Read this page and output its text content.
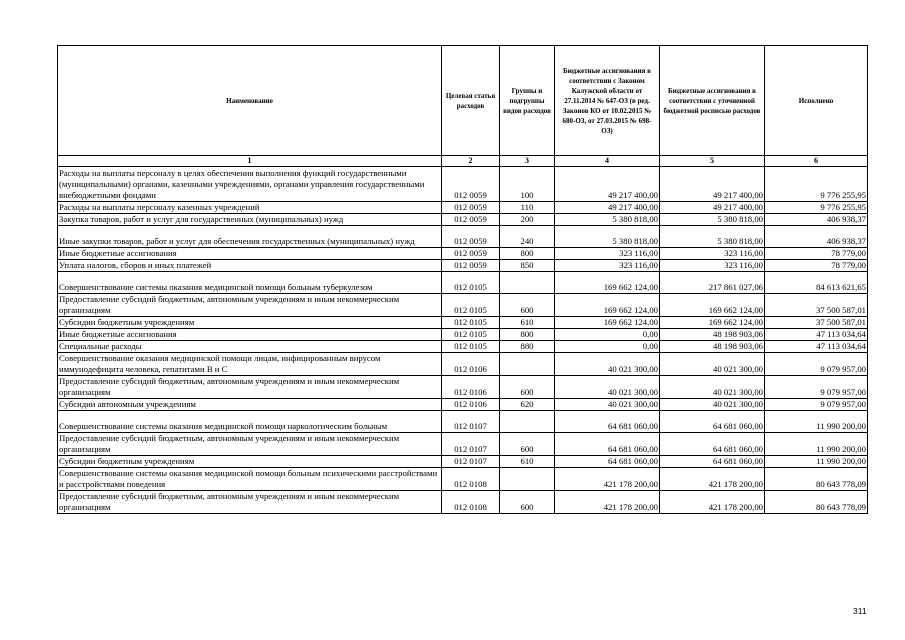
Наименование	Целевая статья расходов	Группы и подгруппы видов расходов	Бюджетные ассигнования в соответствии с Законом Калужской области от 27.11.2014 № 647-ОЗ (в ред. Законов КО от 10.02.2015 № 680-ОЗ, от 27.03.2015 № 698-ОЗ)	Бюджетные ассигнования в соответствии с уточненной бюджетной росписью расходов	Исполнено
1	2	3	4	5	6
Расходы на выплаты персоналу в целях обеспечения выполнения функций государственными (муниципальными) органами, казенными учреждениями, органами управления государственными внебюджетными фондами	012 0059	100	49 217 400,00	49 217 400,00	9 776 255,95
Расходы на выплаты персоналу казенных учреждений	012 0059	110	49 217 400,00	49 217 400,00	9 776 255,95
Закупка товаров, работ и услуг для государственных (муниципальных) нужд	012 0059	200	5 380 818,00	5 380 818,00	406 938,37
Иные закупки товаров, работ и услуг для обеспечения государственных (муниципальных) нужд	012 0059	240	5 380 818,00	5 380 818,00	406 938,37
Иные бюджетные ассигнования	012 0059	800	323 116,00	323 116,00	78 779,00
Уплата налогов, сборов и иных платежей	012 0059	850	323 116,00	323 116,00	78 779,00
Совершенствование системы оказания медицинской помощи больным туберкулезом	012 0105		169 662 124,00	217 861 027,06	84 613 621,65
Предоставление субсидий бюджетным, автономным учреждениям и иным некоммерческим организациям	012 0105	600	169 662 124,00	169 662 124,00	37 500 587,01
Субсидии бюджетным учреждениям	012 0105	610	169 662 124,00	169 662 124,00	37 500 587,01
Иные бюджетные ассигнования	012 0105	800	0,00	48 198 903,06	47 113 034,64
Специальные расходы	012 0105	880	0,00	48 198 903,06	47 113 034,64
Совершенствование оказания медицинской помощи лицам, инфицированным вирусом иммунодефицита человека, гепатитами В и С	012 0106		40 021 300,00	40 021 300,00	9 079 957,00
Предоставление субсидий бюджетным, автономным учреждениям и иным некоммерческим организациям	012 0106	600	40 021 300,00	40 021 300,00	9 079 957,00
Субсидии автономным учреждениям	012 0106	620	40 021 300,00	40 021 300,00	9 079 957,00
Совершенствование системы оказания медицинской помощи наркологическим больным	012 0107		64 681 060,00	64 681 060,00	11 990 200,00
Предоставление субсидий бюджетным, автономным учреждениям и иным некоммерческим организациям	012 0107	600	64 681 060,00	64 681 060,00	11 990 200,00
Субсидии бюджетным учреждениям	012 0107	610	64 681 060,00	64 681 060,00	11 990 200,00
Совершенствование системы оказания медицинской помощи больным психическими расстройствами и расстройствами поведения	012 0108		421 178 200,00	421 178 200,00	80 643 778,09
Предоставление субсидий бюджетным, автономным учреждениям и иным некоммерческим организациям	012 0108	600	421 178 200,00	421 178 200,00	80 643 778,09
311
